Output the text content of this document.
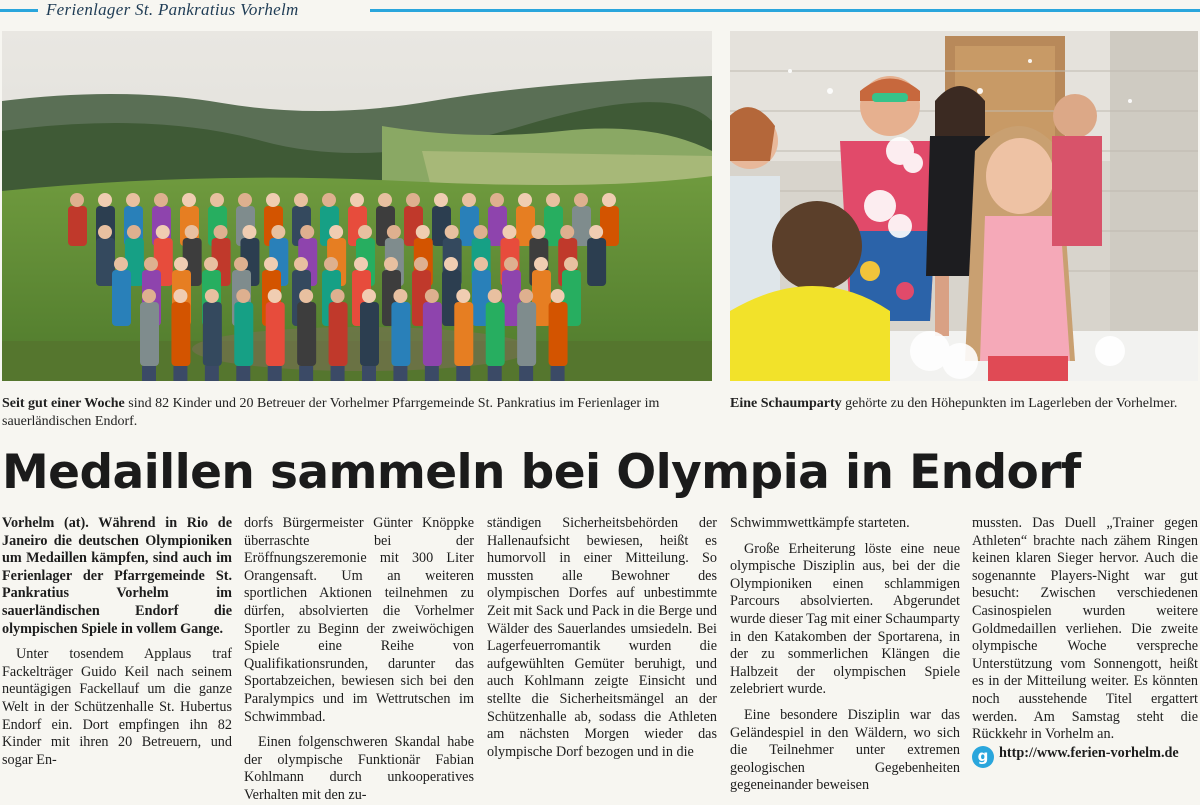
Ferienlager St. Pankratius Vorhelm
Seit gut einer Woche sind 82 Kinder und 20 Betreuer der Vorhelmer Pfarrgemeinde St. Pankratius im Ferienlager im sauerländischen Endorf.
Eine Schaumparty gehörte zu den Höhepunkten im Lagerleben der Vorhelmer.
Medaillen sammeln bei Olympia in Endorf

Vorhelm (at). Während in Rio de Janeiro die deutschen Olympioniken um Medaillen kämpfen, sind auch im Ferienlager der Pfarrgemeinde St. Pankratius Vorhelm im sauerländischen Endorf die olympischen Spiele in vollem Gange.

Unter tosendem Applaus traf Fackelträger Guido Keil nach seinem neuntägigen Fackellauf um die ganze Welt in der Schützenhalle St. Hubertus Endorf ein. Dort empfingen ihn 82 Kinder mit ihren 20 Betreuern, und sogar En-

dorfs Bürgermeister Günter Knöppke überraschte bei der Eröffnungszeremonie mit 300 Liter Orangensaft. Um an weiteren sportlichen Aktionen teilnehmen zu dürfen, absolvierten die Vorhelmer Sportler zu Beginn der zweiwöchigen Spiele eine Reihe von Qualifikationsrunden, darunter das Sportabzeichen, bewiesen sich bei den Paralympics und im Wettrutschen im Schwimmbad.

Einen folgenschweren Skandal habe der olympische Funktionär Fabian Kohlmann durch unkooperatives Verhalten mit den zu-

ständigen Sicherheitsbehörden der Hallenaufsicht bewiesen, heißt es humorvoll in einer Mitteilung. So mussten alle Bewohner des olympischen Dorfes auf unbestimmte Zeit mit Sack und Pack in die Berge und Wälder des Sauerlandes umsiedeln. Bei Lagerfeuerromantik wurden die aufgewühlten Gemüter beruhigt, und auch Kohlmann zeigte Einsicht und stellte die Sicherheitsmängel an der Schützenhalle ab, sodass die Athleten am nächsten Morgen wieder das olympische Dorf bezogen und in die

Schwimmwettkämpfe starteten.

Große Erheiterung löste eine neue olympische Disziplin aus, bei der die Olympioniken einen schlammigen Parcours absolvierten. Abgerundet wurde dieser Tag mit einer Schaumparty in den Katakomben der Sportarena, in der zu sommerlichen Klängen die Halbzeit der olympischen Spiele zelebriert wurde.

Eine besondere Disziplin war das Geländespiel in den Wäldern, wo sich die Teilnehmer unter extremen geologischen Gegebenheiten gegeneinander beweisen

mussten. Das Duell „Trainer gegen Athleten“ brachte nach zähem Ringen keinen klaren Sieger hervor. Auch die sogenannte Players-Night war gut besucht: Zwischen verschiedenen Casinospielen wurden weitere Goldmedaillen verliehen. Die zweite olympische Woche verspreche Unterstützung vom Sonnengott, heißt es in der Mitteilung weiter. Es könnten noch ausstehende Titel ergattert werden. Am Samstag steht die Rückkehr in Vorhelm an.

g http://www.ferien-vorhelm.de
